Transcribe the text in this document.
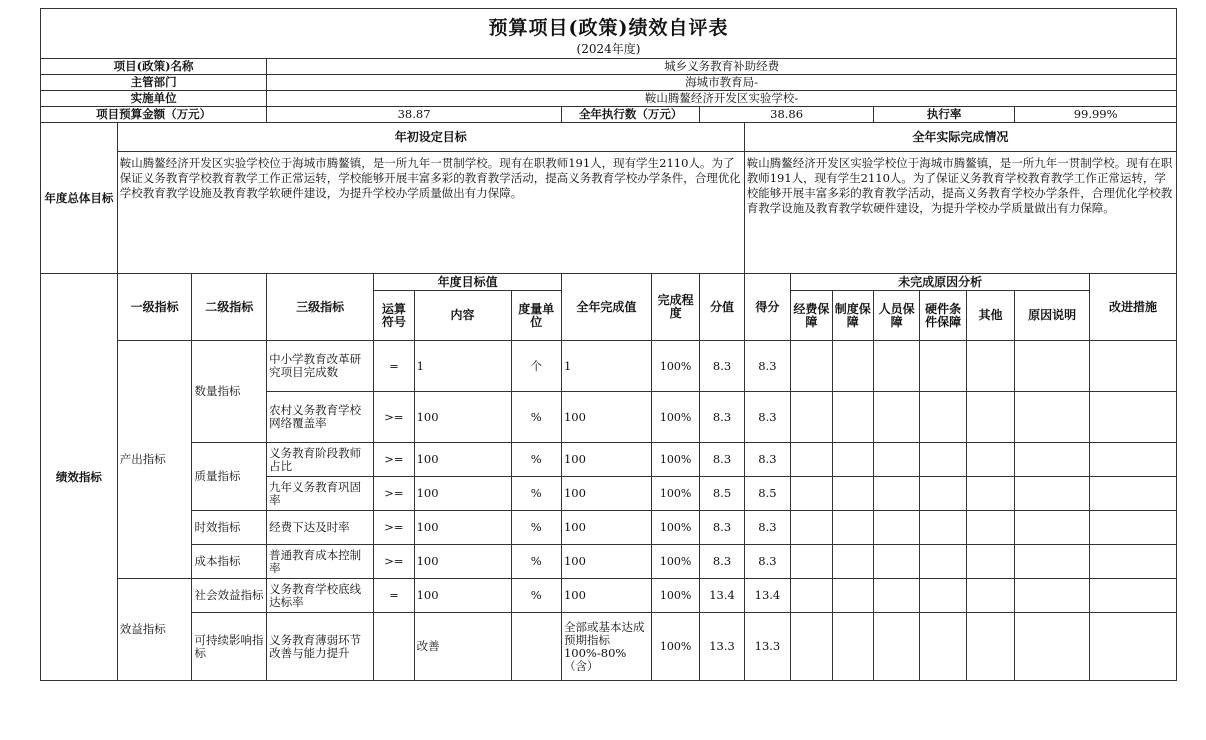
预算项目(政策)绩效自评表																	
(2024年度)																	
项目(政策)名称			城乡义务教育补助经费														
主管部门			海城市教育局-														
实施单位			鞍山腾鳌经济开发区实验学校-														
项目预算金额（万元）			38.87				全年执行数（万元）		38.86				执行率			99.99%	
年度总体目标	年初设定目标									全年实际完成情况							
	鞍山腾鳌经济开发区实验学校位于海城市腾鳌镇，是一所九年一贯制学校。现有在职教师191人，现有学生2110人。为了保证义务教育学校教育教学工作正常运转，学校能够开展丰富多彩的教育教学活动，提高义务教育学校办学条件，合理优化学校教育教学设施及教育教学软硬件建设，为提升学校办学质量做出有力保障。									鞍山腾鳌经济开发区实验学校位于海城市腾鳌镇，是一所九年一贯制学校。现有在职教师191人，现有学生2110人。为了保证义务教育学校教育教学工作正常运转，学校能够开展丰富多彩的教育教学活动，提高义务教育学校办学条件，合理优化学校教育教学设施及教育教学软硬件建设，为提升学校办学质量做出有力保障。							
绩效指标	一级指标	二级指标	三级指标	年度目标值			全年完成值	完成程度	分值	得分	未完成原因分析						改进措施
				运算符号	内容	度量单位					经费保障	制度保障	人员保障	硬件条件保障	其他	原因说明	
	产出指标	数量指标	中小学教育改革研究项目完成数	=	1	个	1	100%	8.3	8.3							
			农村义务教育学校网络覆盖率	>=	100	%	100	100%	8.3	8.3							
		质量指标	义务教育阶段教师占比	>=	100	%	100	100%	8.3	8.3							
			九年义务教育巩固率	>=	100	%	100	100%	8.5	8.5							
		时效指标	经费下达及时率	>=	100	%	100	100%	8.3	8.3							
		成本指标	普通教育成本控制率	>=	100	%	100	100%	8.3	8.3							
	效益指标	社会效益指标	义务教育学校底线达标率	=	100	%	100	100%	13.4	13.4							
		可持续影响指标	义务教育薄弱环节改善与能力提升		改善		全部或基本达成预期指标100%-80%（含）	100%	13.3	13.3							
